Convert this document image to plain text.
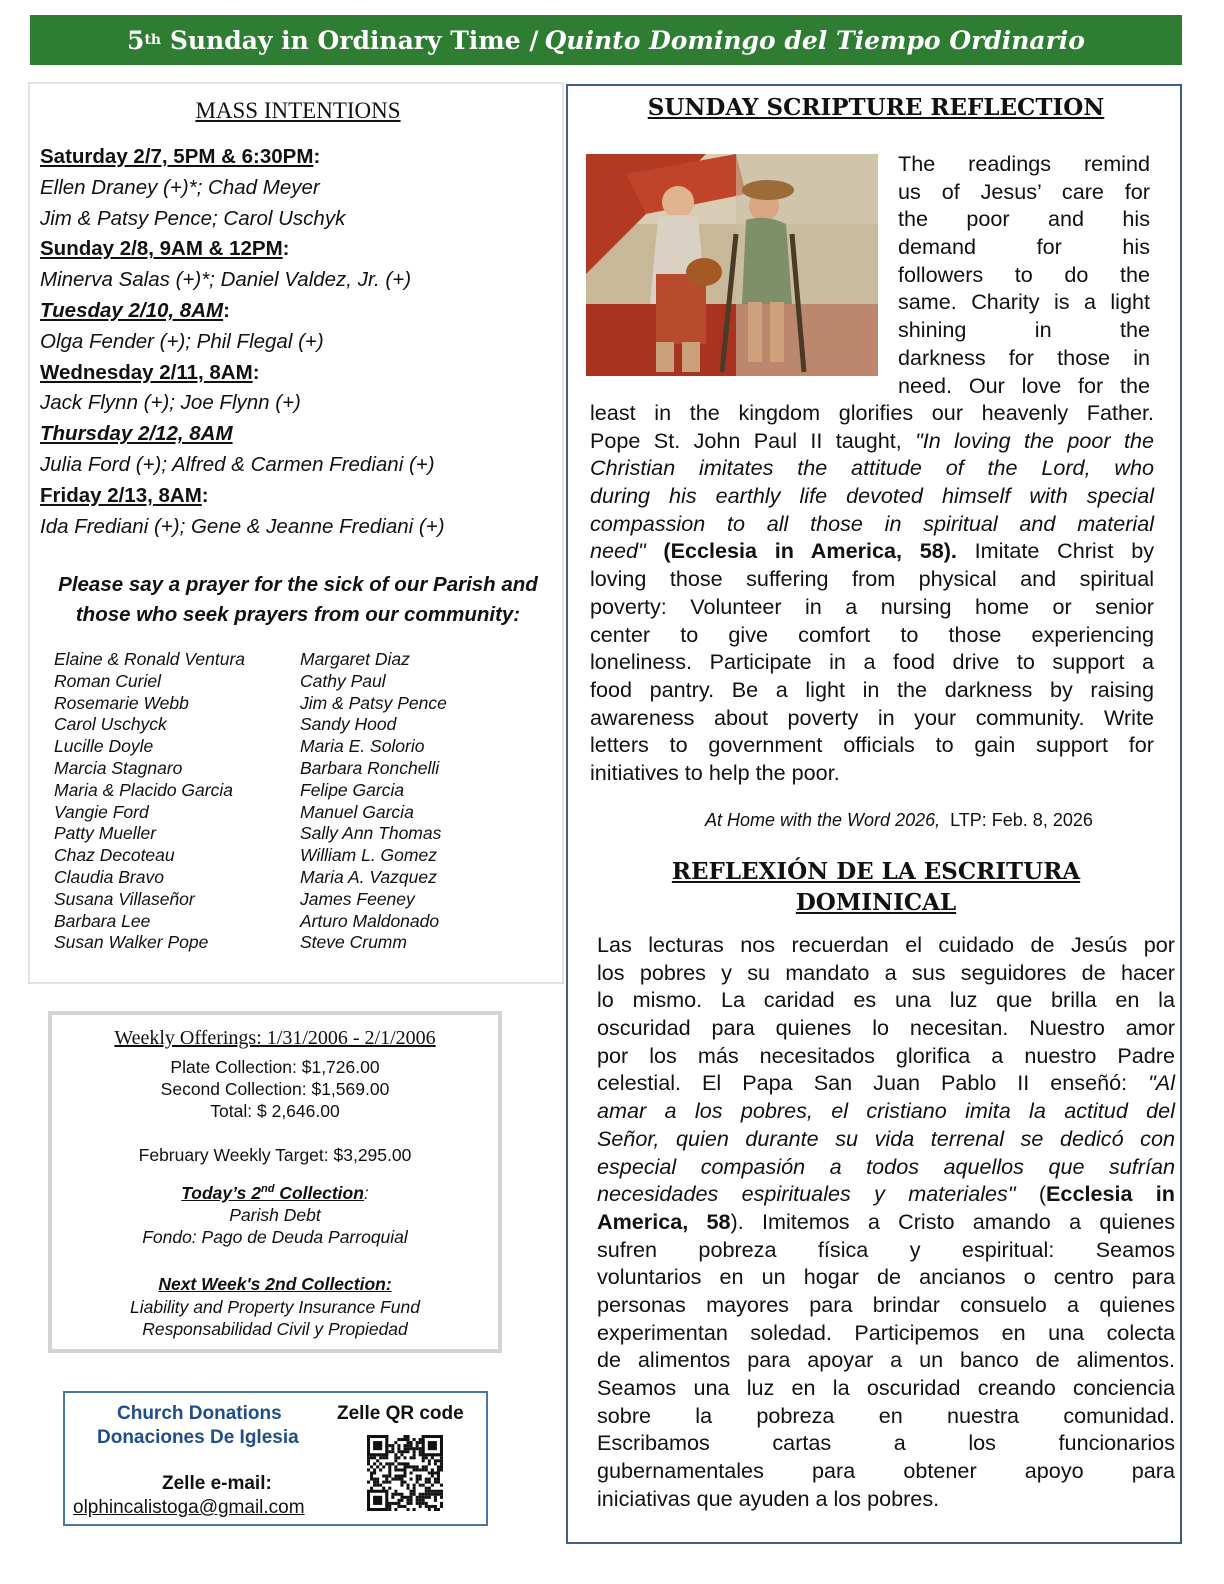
5 th
Sunday in Ordinary Time / Quinto Domingo del Tiempo Ordinario
MASS INTENTIONS
Saturday 2/7, 5PM & 6:30PM:
Ellen Draney (+)*; Chad Meyer
Jim & Patsy Pence; Carol Uschyk
Sunday 2/8, 9AM & 12PM:
Minerva Salas (+)*; Daniel Valdez, Jr. (+)
Tuesday 2/10, 8AM:
Olga Fender (+); Phil Flegal (+)
Wednesday 2/11, 8AM:
Jack Flynn (+); Joe Flynn (+)
Thursday 2/12, 8AM
Julia Ford (+); Alfred & Carmen Frediani (+)
Friday 2/13, 8AM:
Ida Frediani (+); Gene & Jeanne Frediani (+)
Please say a prayer for the sick of our Parish and
those who seek prayers from our community:
Elaine & Ronald Ventura
Roman Curiel
Rosemarie Webb
Carol Uschyck
Lucille Doyle
Marcia Stagnaro
Maria & Placido Garcia
Vangie Ford
Patty Mueller
Chaz Decoteau
Claudia Bravo
Susana Villaseñor
Barbara Lee
Susan Walker Pope
Margaret Diaz
Cathy Paul
Jim & Patsy Pence
Sandy Hood
Maria E. Solorio
Barbara Ronchelli
Felipe Garcia
Manuel Garcia
Sally Ann Thomas
William L. Gomez
Maria A. Vazquez
James Feeney
Arturo Maldonado
Steve Crumm
Weekly Offerings: 1/31/2006 - 2/1/2006
Plate Collection: $1,726.00
Second Collection: $1,569.00
Total: $ 2,646.00
February Weekly Target: $3,295.00
Today’s 2nd Collection:
Parish Debt
Fondo: Pago de Deuda Parroquial
Next Week's 2nd Collection:
Liability and Property Insurance Fund
Responsabilidad Civil y Propiedad
Church Donations
Donaciones De Iglesia
Zelle QR code
Zelle e-mail:
olphincalistoga@gmail.com
SUNDAY SCRIPTURE REFLECTION
The readings remind
us of Jesus’ care for
the poor and his
demand for his
followers to do the
same. Charity is a light
shining in the
darkness for those in
need. Our love for the
least in the kingdom glorifies our heavenly Father.
Pope St. John Paul II taught, "In loving the poor the
Christian imitates the attitude of the Lord, who
during his earthly life devoted himself with special
compassion to all those in spiritual and material
need" (Ecclesia in America, 58). Imitate Christ by
loving those suffering from physical and spiritual
poverty: Volunteer in a nursing home or senior
center to give comfort to those experiencing
loneliness. Participate in a food drive to support a
food pantry. Be a light in the darkness by raising
awareness about poverty in your community. Write
letters to government officials to gain support for
initiatives to help the poor.
At Home with the Word 2026,  LTP: Feb. 8, 2026
REFLEXIÓN DE LA ESCRITURA
DOMINICAL
Las lecturas nos recuerdan el cuidado de Jesús por
los pobres y su mandato a sus seguidores de hacer
lo mismo. La caridad es una luz que brilla en la
oscuridad para quienes lo necesitan. Nuestro amor
por los más necesitados glorifica a nuestro Padre
celestial. El Papa San Juan Pablo II enseñó: "Al
amar a los pobres, el cristiano imita la actitud del
Señor, quien durante su vida terrenal se dedicó con
especial compasión a todos aquellos que sufrían
necesidades espirituales y materiales" (Ecclesia in
America, 58). Imitemos a Cristo amando a quienes
sufren pobreza física y espiritual: Seamos
voluntarios en un hogar de ancianos o centro para
personas mayores para brindar consuelo a quienes
experimentan soledad. Participemos en una colecta
de alimentos para apoyar a un banco de alimentos.
Seamos una luz en la oscuridad creando conciencia
sobre la pobreza en nuestra comunidad.
Escribamos cartas a los funcionarios
gubernamentales para obtener apoyo para
iniciativas que ayuden a los pobres.
